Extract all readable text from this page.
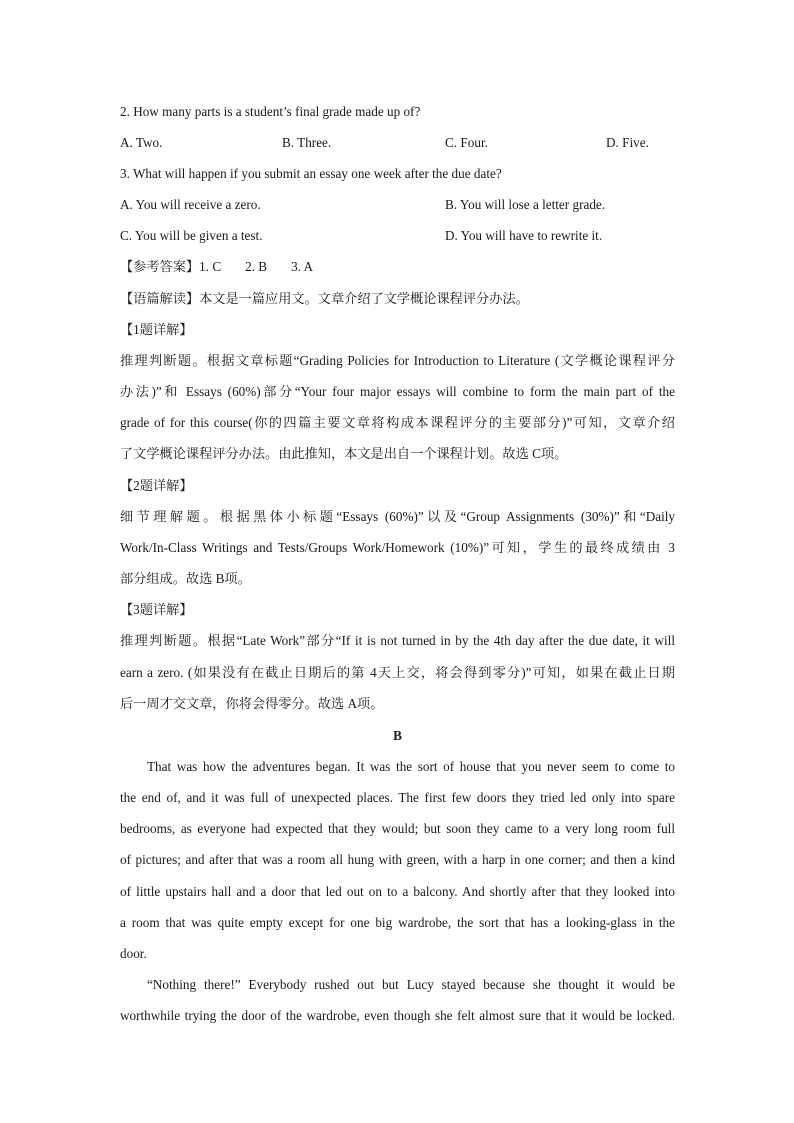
2. How many parts is a student’s final grade made up of?
A. Two.	B. Three.	C. Four.	D. Five.
3. What will happen if you submit an essay one week after the due date?
A. You will receive a zero.	B. You will lose a letter grade.
C. You will be given a test.	D. You will have to rewrite it.
【参考答案】1. C 2. B 3. A
【语篇解读】本文是一篇应用文。文章介绍了文学概论课程评分办法。
【1题详解】
推理判断题。根据文章标题“Grading Policies for Introduction to Literature (文学概论课程评分
办法)”和 Essays (60%)部分“Your four major essays will combine to form the main part of the
grade of for this course(你的四篇主要文章将构成本课程评分的主要部分)”可知，文章介绍
了文学概论课程评分办法。由此推知，本文是出自一个课程计划。故选 C项。
【2题详解】
细节理解题。根据黑体小标题“Essays (60%)”以及“Group Assignments (30%)”和“Daily
Work/In-Class Writings and Tests/Groups Work/Homework (10%)”可知，学生的最终成绩由 3
部分组成。故选 B项。
【3题详解】
推理判断题。根据“Late Work”部分“If it is not turned in by the 4th day after the due date, it will
earn a zero. (如果没有在截止日期后的第 4天上交，将会得到零分)”可知，如果在截止日期
后一周才交文章，你将会得零分。故选 A项。
B
That was how the adventures began. It was the sort of house that you never seem to come to
the end of, and it was full of unexpected places. The first few doors they tried led only into spare
bedrooms, as everyone had expected that they would; but soon they came to a very long room full
of pictures; and after that was a room all hung with green, with a harp in one corner; and then a kind
of little upstairs hall and a door that led out on to a balcony. And shortly after that they looked into
a room that was quite empty except for one big wardrobe, the sort that has a looking-glass in the
door.
“Nothing there!” Everybody rushed out but Lucy stayed because she thought it would be
worthwhile trying the door of the wardrobe, even though she felt almost sure that it would be locked.
